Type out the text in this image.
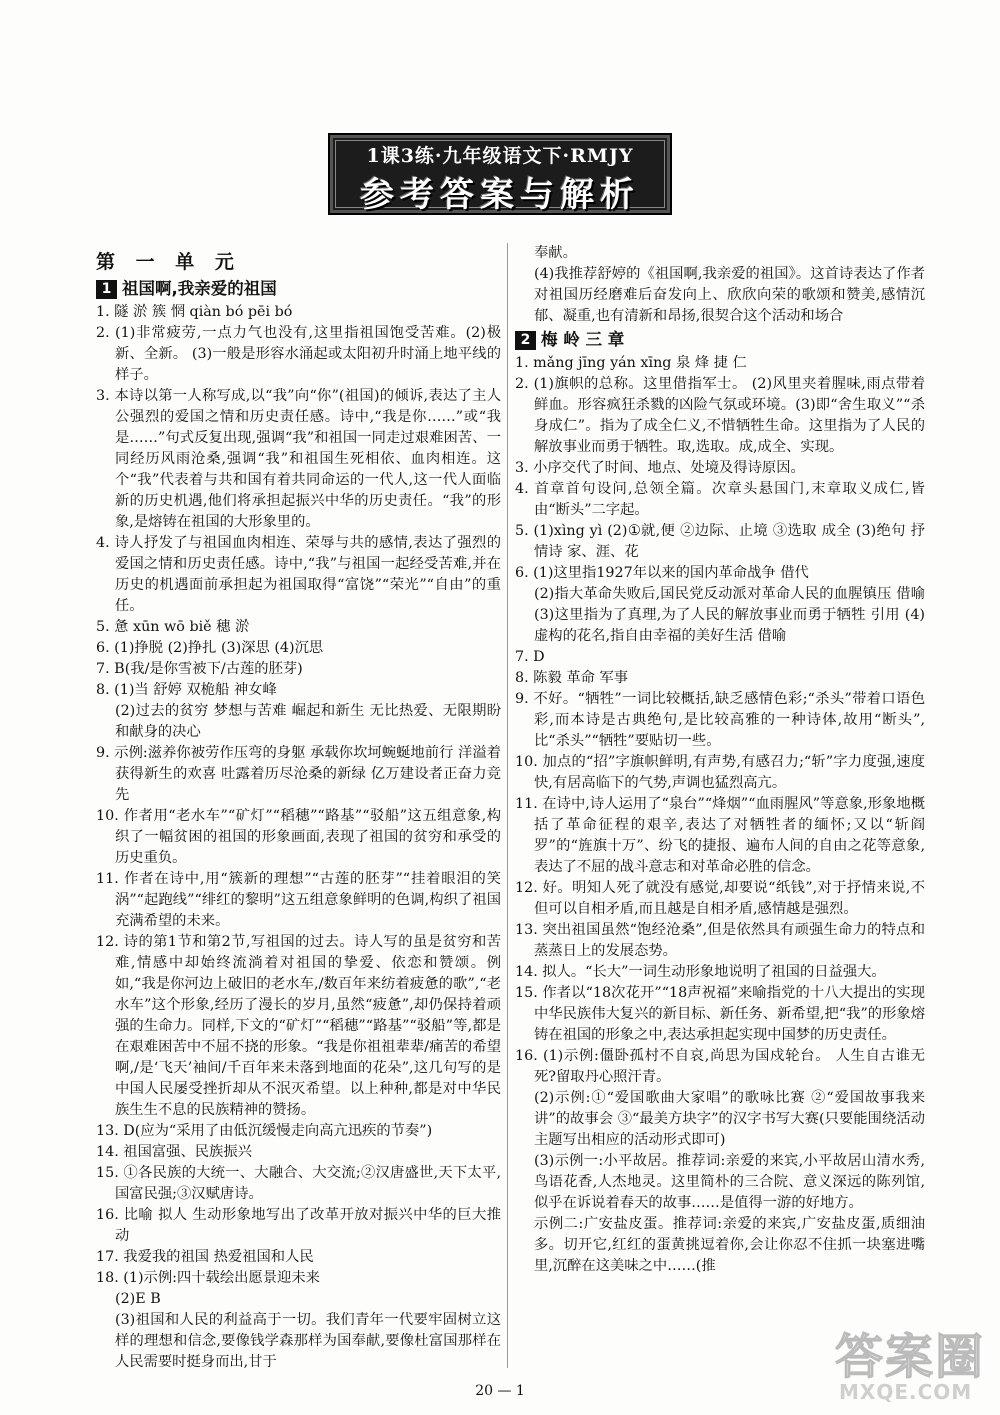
1课3练·九年级语文下·RMJY
参考答案与解析

第 一 单 元

1 祖国啊,我亲爱的祖国

1. 隧 淤 簇 惘 qiàn bó pēi bó

2. (1)非常疲劳,一点力气也没有,这里指祖国饱受苦难。(2)极新、全新。 (3)一般是形容水涌起或太阳初升时涌上地平线的样子。

3. 本诗以第一人称写成,以“我”向“你”(祖国)的倾诉,表达了主人公强烈的爱国之情和历史责任感。诗中,“我是你……”或“我是……”句式反复出现,强调“我”和祖国一同走过艰难困苦、一同经历风雨沧桑,强调“我”和祖国生死相依、血肉相连。这个“我”代表着与共和国有着共同命运的一代人,这一代人面临新的历史机遇,他们将承担起振兴中华的历史责任。“我”的形象,是熔铸在祖国的大形象里的。

4. 诗人抒发了与祖国血肉相连、荣辱与共的感情,表达了强烈的爱国之情和历史责任感。诗中,“我”与祖国一起经受苦难,并在历史的机遇面前承担起为祖国取得“富饶”“荣光”“自由”的重任。

5. 惫 xūn wō biě 穗 淤

6. (1)挣脱 (2)挣扎 (3)深思 (4)沉思

7. B(我/是你雪被下/古莲的胚芽)

8. (1)当 舒婷 双桅船 神女峰

(2)过去的贫穷 梦想与苦难 崛起和新生 无比热爱、无限期盼和献身的决心

9. 示例:滋养你被劳作压弯的身躯 承载你坎坷蜿蜒地前行 洋溢着获得新生的欢喜 吐露着历尽沧桑的新绿 亿万建设者正奋力竞先

10. 作者用“老水车”“矿灯”“稻穗”“路基”“驳船”这五组意象,构织了一幅贫困的祖国的形象画面,表现了祖国的贫穷和承受的历史重负。

11. 作者在诗中,用“簇新的理想”“古莲的胚芽”“挂着眼泪的笑涡”“起跑线”“绯红的黎明”这五组意象鲜明的色调,构织了祖国充满希望的未来。

12. 诗的第1节和第2节,写祖国的过去。诗人写的虽是贫穷和苦难,情感中却始终流淌着对祖国的挚爱、依恋和赞颂。例如,“我是你河边上破旧的老水车,/数百年来纺着疲惫的歌”,“老水车”这个形象,经历了漫长的岁月,虽然“疲惫”,却仍保持着顽强的生命力。同样,下文的“矿灯”“稻穗”“路基”“驳船”等,都是在艰难困苦中不屈不挠的形象。“我是你祖祖辈辈/痛苦的希望啊,/是‘飞天’袖间/千百年来未落到地面的花朵”,这几句写的是中国人民屡受挫折却从不泯灭希望。以上种种,都是对中华民族生生不息的民族精神的赞扬。

13. D(应为“采用了由低沉缓慢走向高亢迅疾的节奏”)

14. 祖国富强、民族振兴

15. ①各民族的大统一、大融合、大交流;②汉唐盛世,天下太平,国富民强;③汉赋唐诗。

16. 比喻 拟人 生动形象地写出了改革开放对振兴中华的巨大推动

17. 我爱我的祖国 热爱祖国和人民

18. (1)示例:四十载绘出愿景迎未来

(2)E B

(3)祖国和人民的利益高于一切。我们青年一代要牢固树立这样的理想和信念,要像钱学森那样为国奉献,要像杜富国那样在人民需要时挺身而出,甘于

奉献。

(4)我推荐舒婷的《祖国啊,我亲爱的祖国》。这首诗表达了作者对祖国历经磨难后奋发向上、欣欣向荣的歌颂和赞美,感情沉郁、凝重,也有清新和昂扬,很契合这个活动和场合

2 梅 岭 三 章

1. mǎng jīng yán xīng 泉 烽 捷 仁

2. (1)旗帜的总称。这里借指军士。 (2)风里夹着腥味,雨点带着鲜血。形容疯狂杀戮的凶险气氛或环境。(3)即“舍生取义”“杀身成仁”。指为了成全仁义,不惜牺牲生命。这里指为了人民的解放事业而勇于牺牲。取,选取。成,成全、实现。

3. 小序交代了时间、地点、处境及得诗原因。

4. 首章首句设问,总领全篇。次章头悬国门,末章取义成仁,皆由“断头”二字起。

5. (1)xìng yì (2)①就,便 ②边际、止境 ③选取 成全 (3)绝句 抒情诗 家、涯、花

6. (1)这里指1927年以来的国内革命战争 借代

(2)指大革命失败后,国民党反动派对革命人民的血腥镇压 借喻 (3)这里指为了真理,为了人民的解放事业而勇于牺牲 引用 (4)虚构的花名,指自由幸福的美好生活 借喻

7. D

8. 陈毅 革命 军事

9. 不好。“牺牲”一词比较概括,缺乏感情色彩;“杀头”带着口语色彩,而本诗是古典绝句,是比较高雅的一种诗体,故用“断头”,比“杀头”“牺牲”要贴切一些。

10. 加点的“招”字旗帜鲜明,有声势,有感召力;“斩”字力度强,速度快,有居高临下的气势,声调也猛烈高亢。

11. 在诗中,诗人运用了“泉台”“烽烟”“血雨腥风”等意象,形象地概括了革命征程的艰辛,表达了对牺牲者的缅怀;又以“斩阎罗”的“旌旗十万”、纷飞的捷报、遍布人间的自由之花等意象,表达了不屈的战斗意志和对革命必胜的信念。

12. 好。明知人死了就没有感觉,却要说“纸钱”,对于抒情来说,不但可以自相矛盾,而且越是自相矛盾,感情越是强烈。

13. 突出祖国虽然“饱经沧桑”,但是依然具有顽强生命力的特点和蒸蒸日上的发展态势。

14. 拟人。“长大”一词生动形象地说明了祖国的日益强大。

15. 作者以“18次花开”“18声祝福”来喻指党的十八大提出的实现中华民族伟大复兴的新目标、新任务、新希望,把“我”的形象熔铸在祖国的形象之中,表达承担起实现中国梦的历史责任。

16. (1)示例:僵卧孤村不自哀,尚思为国戍轮台。 人生自古谁无死?留取丹心照汗青。

(2)示例:①“爱国歌曲大家唱”的歌咏比赛 ②“爱国故事我来讲”的故事会 ③“最美方块字”的汉字书写大赛(只要能围绕活动主题写出相应的活动形式即可)

(3)示例一:小平故居。推荐词:亲爱的来宾,小平故居山清水秀,鸟语花香,人杰地灵。这里简朴的三合院、意义深远的陈列馆,似乎在诉说着春天的故事……是值得一游的好地方。

示例二:广安盐皮蛋。推荐词:亲爱的来宾,广安盐皮蛋,质细油多。切开它,红红的蛋黄挑逗着你,会让你忍不住抓一块塞进嘴里,沉醉在这美味之中……(推

20 — 1
答案圈
MXQE.COM
